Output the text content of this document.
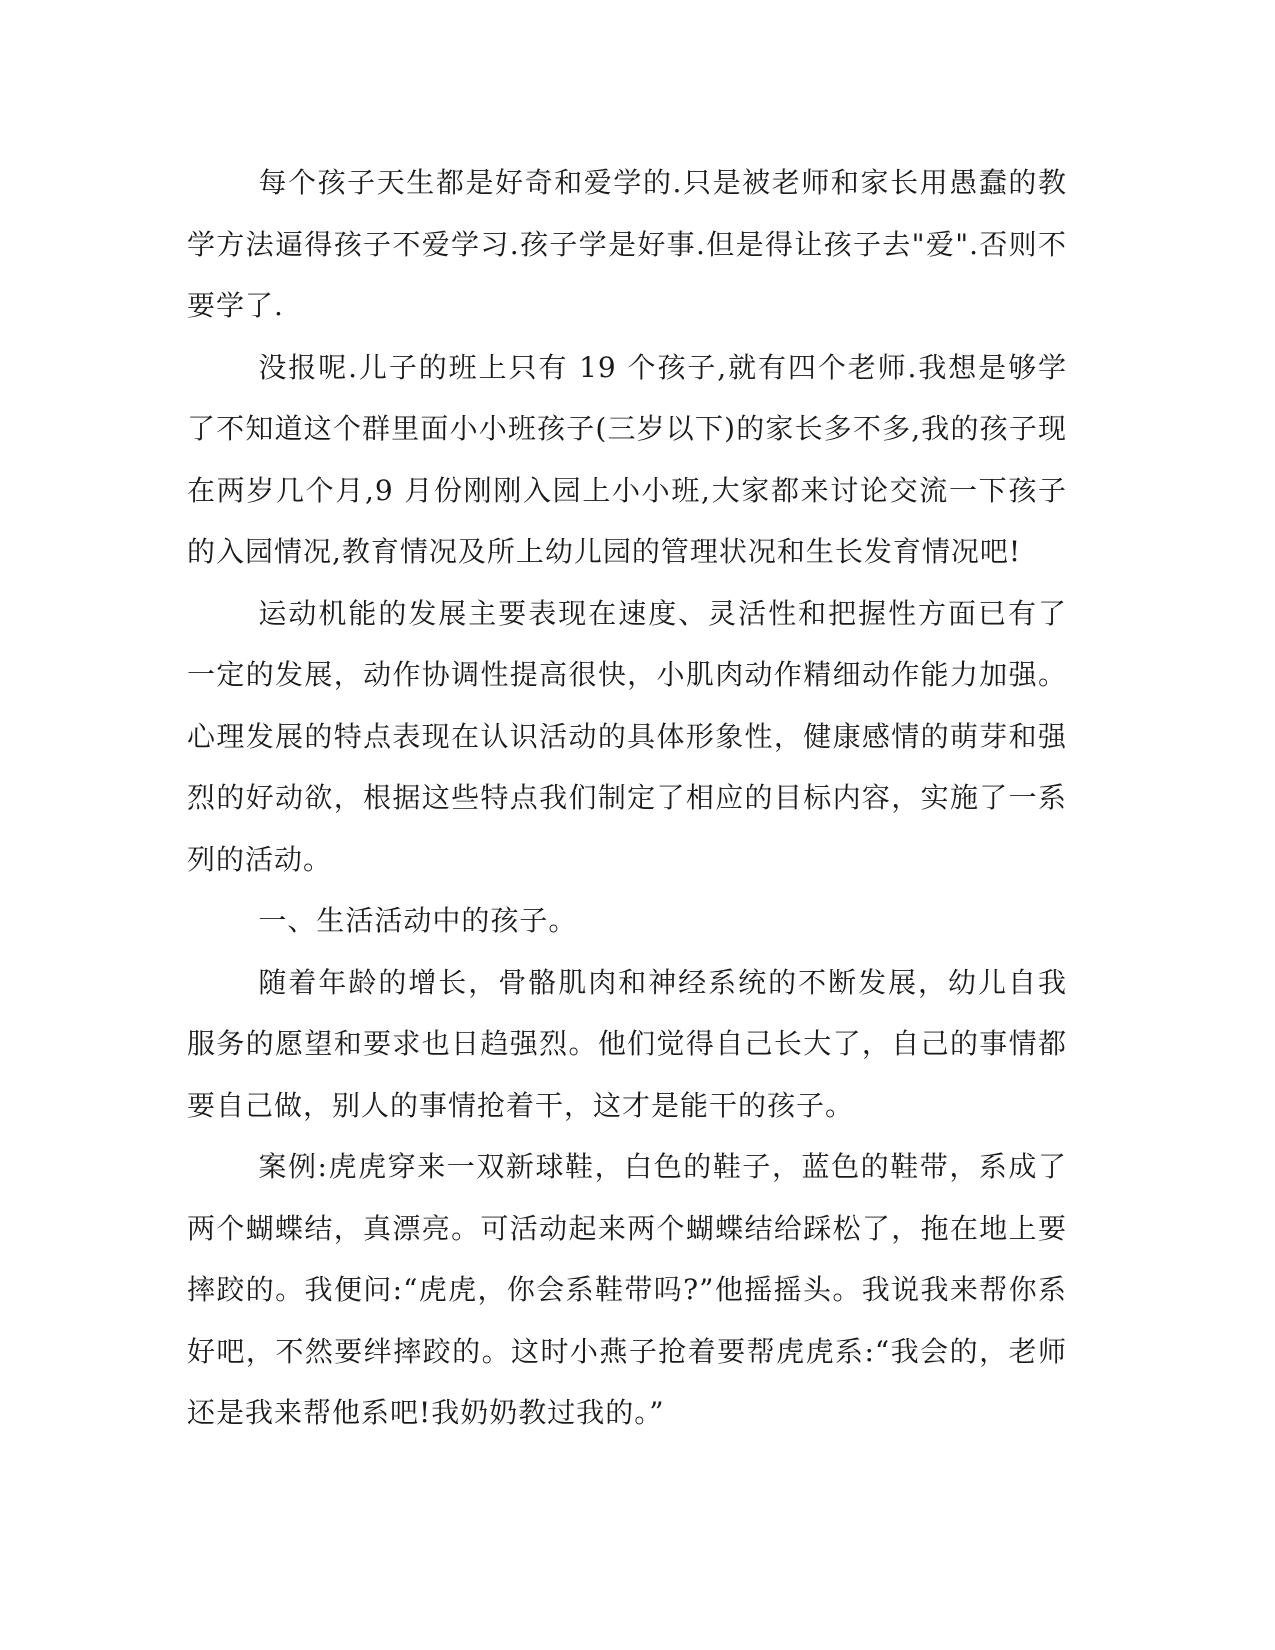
每个孩子天生都是好奇和爱学的.只是被老师和家长用愚蠢的教学方法逼得孩子不爱学习.孩子学是好事.但是得让孩子去"爱".否则不要学了.

没报呢.儿子的班上只有 19 个孩子,就有四个老师.我想是够学了不知道这个群里面小小班孩子(三岁以下)的家长多不多,我的孩子现在两岁几个月,9 月份刚刚入园上小小班,大家都来讨论交流一下孩子的入园情况,教育情况及所上幼儿园的管理状况和生长发育情况吧!

运动机能的发展主要表现在速度、灵活性和把握性方面已有了一定的发展，动作协调性提高很快，小肌肉动作精细动作能力加强。心理发展的特点表现在认识活动的具体形象性，健康感情的萌芽和强烈的好动欲，根据这些特点我们制定了相应的目标内容，实施了一系列的活动。

一、生活活动中的孩子。

随着年龄的增长，骨骼肌肉和神经系统的不断发展，幼儿自我服务的愿望和要求也日趋强烈。他们觉得自己长大了，自己的事情都要自己做，别人的事情抢着干，这才是能干的孩子。

案例:虎虎穿来一双新球鞋，白色的鞋子，蓝色的鞋带，系成了两个蝴蝶结，真漂亮。可活动起来两个蝴蝶结给踩松了，拖在地上要摔跤的。我便问:“虎虎，你会系鞋带吗?”他摇摇头。我说我来帮你系好吧，不然要绊摔跤的。这时小燕子抢着要帮虎虎系:“我会的，老师还是我来帮他系吧!我奶奶教过我的。”
